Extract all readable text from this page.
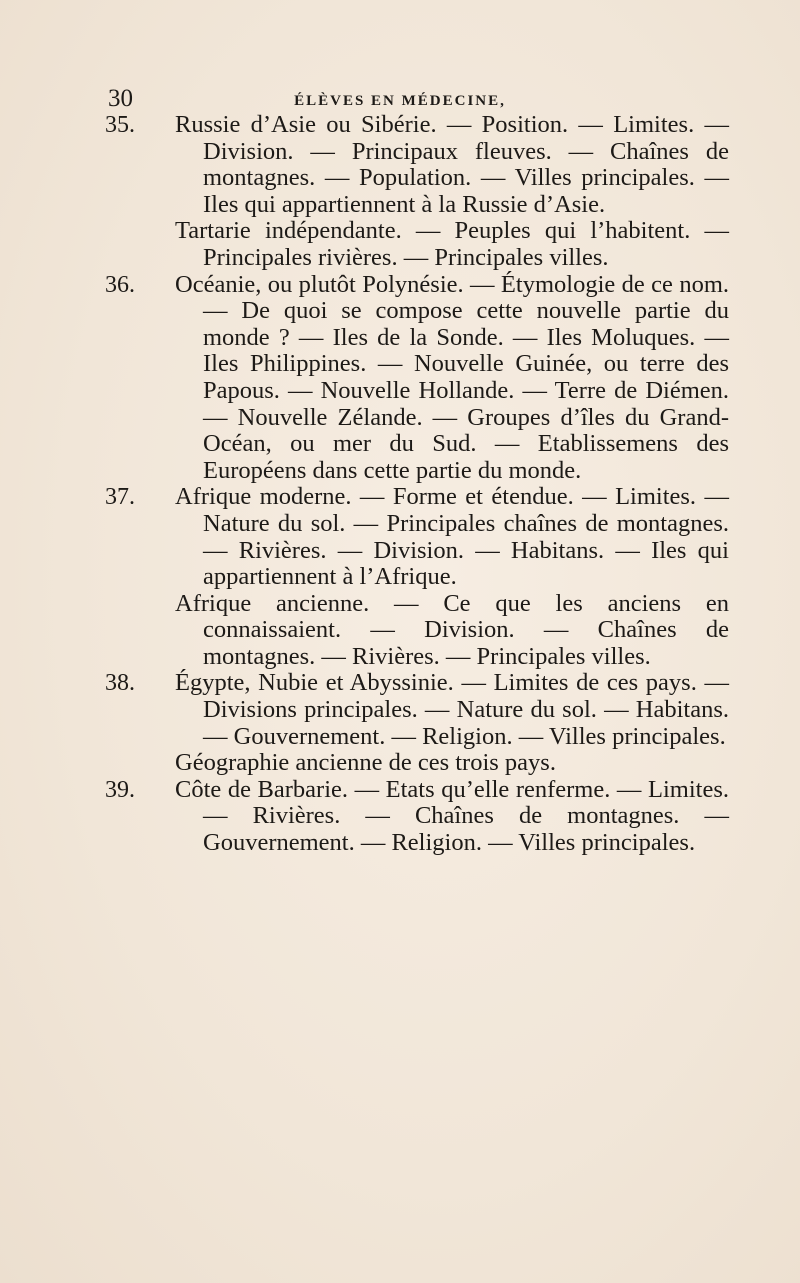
30	ÉLÈVES EN MÉDECINE,
35. Russie d’Asie ou Sibérie. — Position. — Limites. — Division. — Principaux fleuves. — Chaînes de montagnes. — Population. — Villes principales. — Iles qui appartiennent à la Russie d’Asie.

Tartarie indépendante. — Peuples qui l’habitent. — Principales rivières. — Principales villes.

36. Océanie, ou plutôt Polynésie. — Étymologie de ce nom.— De quoi se compose cette nouvelle partie du monde ? — Iles de la Sonde. — Iles Moluques. — Iles Philippines. — Nouvelle Guinée, ou terre des Papous. — Nouvelle Hollande. — Terre de Diémen. — Nouvelle Zélande. — Groupes d’îles du Grand-Océan, ou mer du Sud. — Etablissemens des Européens dans cette partie du monde.

37. Afrique moderne. — Forme et étendue. — Limites. — Nature du sol. — Principales chaînes de montagnes. — Rivières. — Division. — Habitans. — Iles qui appartiennent à l’Afrique.

Afrique ancienne. — Ce que les anciens en connaissaient. — Division. — Chaînes de montagnes. — Rivières. — Principales villes.

38. Égypte, Nubie et Abyssinie. — Limites de ces pays. — Divisions principales. — Nature du sol. — Habitans. — Gouvernement. — Religion. — Villes principales.

Géographie ancienne de ces trois pays.

39. Côte de Barbarie. — Etats qu’elle renferme. — Limites. — Rivières. — Chaînes de montagnes. — Gouvernement. — Religion. — Villes principales.
